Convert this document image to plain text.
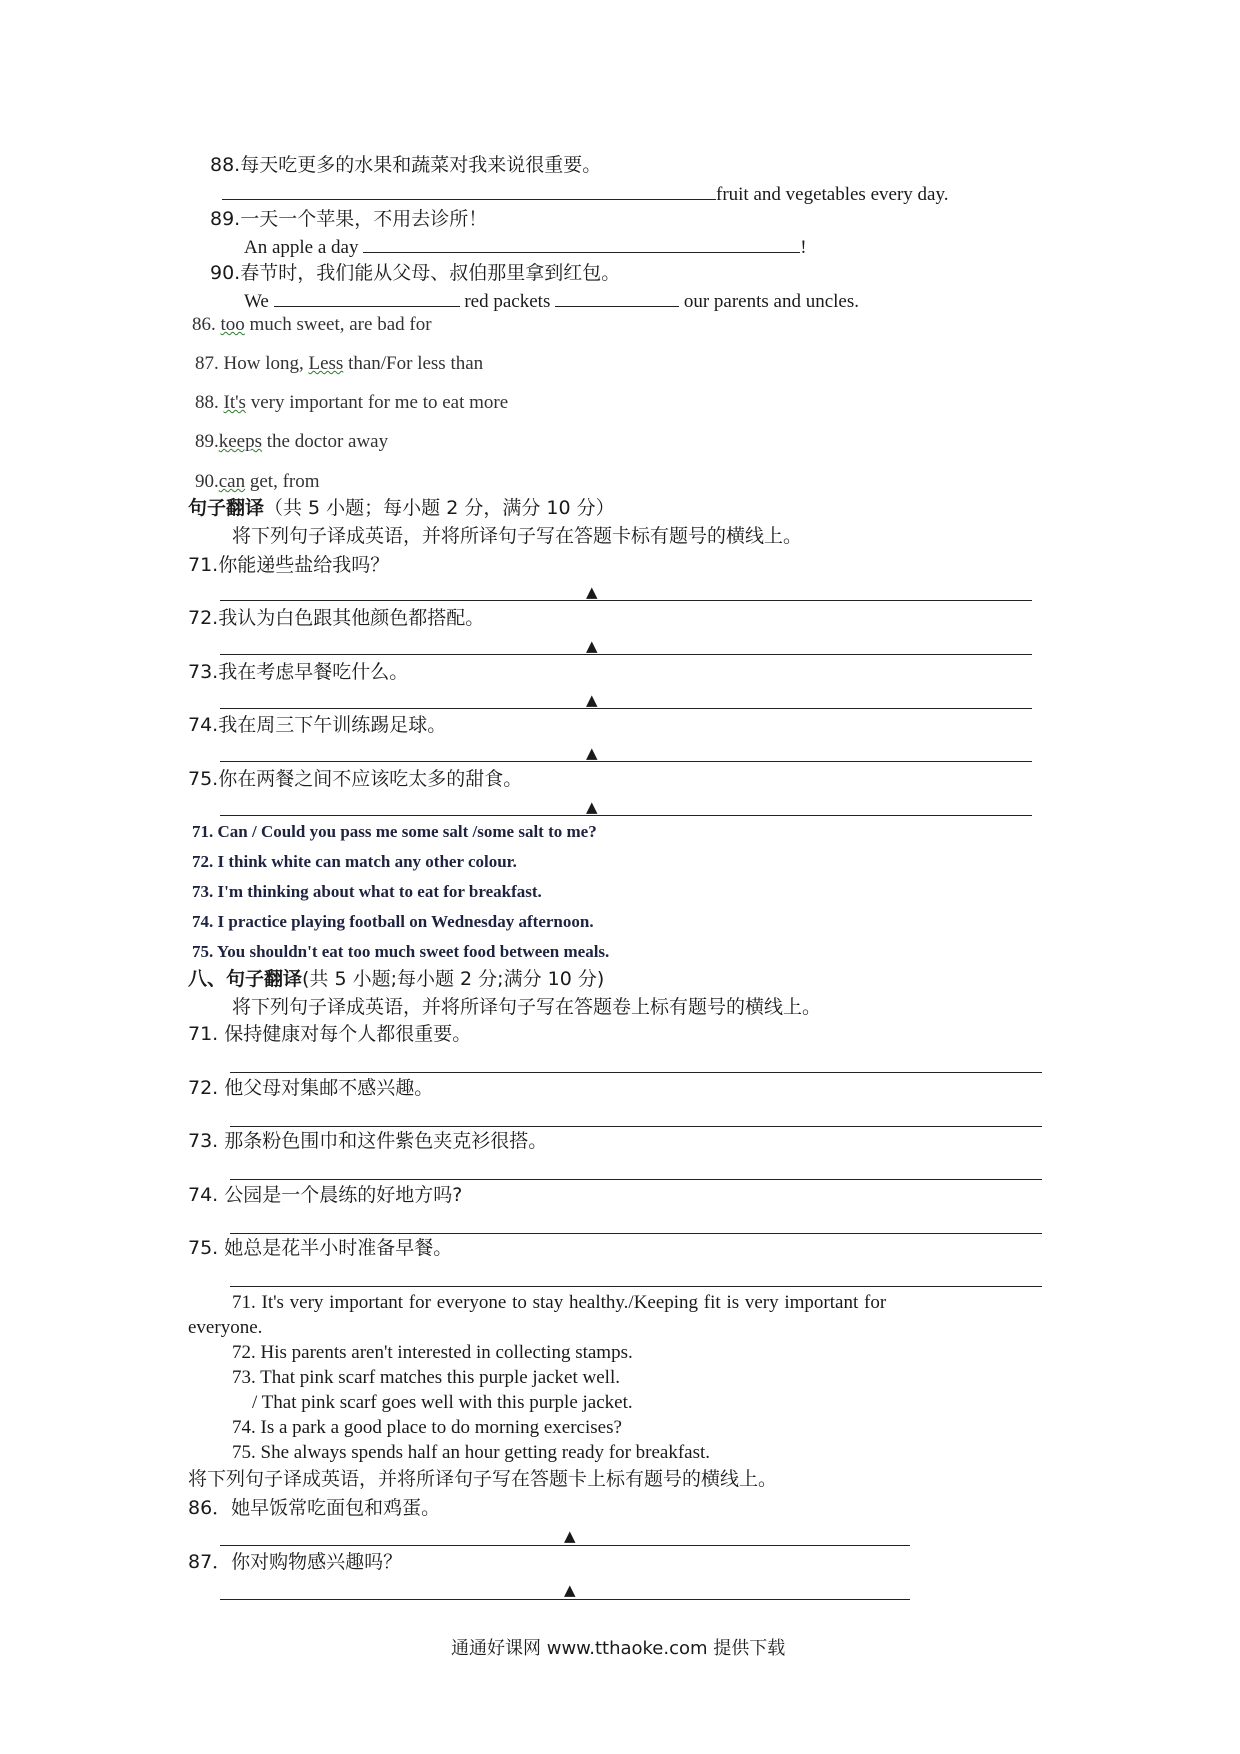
88.每天吃更多的水果和蔬菜对我来说很重要。
fruit and vegetables every day.
89.一天一个苹果，不用去诊所！
An apple a day	!
90.春节时，我们能从父母、叔伯那里拿到红包。
We	red packets	our parents and uncles.
86. too much sweet, are bad for
87. How long, Less than/For less than
88. It's very important for me to eat more
89.keeps the doctor away
90.can get, from
句子翻译（共 5 小题；每小题 2 分，满分 10 分）
将下列句子译成英语，并将所译句子写在答题卡标有题号的横线上。
71.你能递些盐给我吗？
▲
72.我认为白色跟其他颜色都搭配。
▲
73.我在考虑早餐吃什么。
▲
74.我在周三下午训练踢足球。
▲
75.你在两餐之间不应该吃太多的甜食。
▲
71. Can / Could you pass me some salt /some salt to me?
72. I think white can match any other colour.
73. I'm thinking about what to eat for breakfast.
74. I practice playing football on Wednesday afternoon.
75. You shouldn't eat too much sweet food between meals.
八、句子翻译(共 5 小题;每小题 2 分;满分 10 分)
将下列句子译成英语，并将所译句子写在答题卷上标有题号的横线上。
71. 保持健康对每个人都很重要。
72. 他父母对集邮不感兴趣。
73. 那条粉色围巾和这件紫色夹克衫很搭。
74. 公园是一个晨练的好地方吗?
75. 她总是花半小时准备早餐。
71. It's very important for everyone to stay healthy./Keeping fit is very important for
everyone.
72. His parents aren't interested in collecting stamps.
73. That pink scarf matches this purple jacket well.
/ That pink scarf goes well with this purple jacket.
74. Is a park a good place to do morning exercises?
75. She always spends half an hour getting ready for breakfast.
将下列句子译成英语，并将所译句子写在答题卡上标有题号的横线上。
86．她早饭常吃面包和鸡蛋。
▲
87．你对购物感兴趣吗？
▲
通通好课网 www.tthaoke.com 提供下载
